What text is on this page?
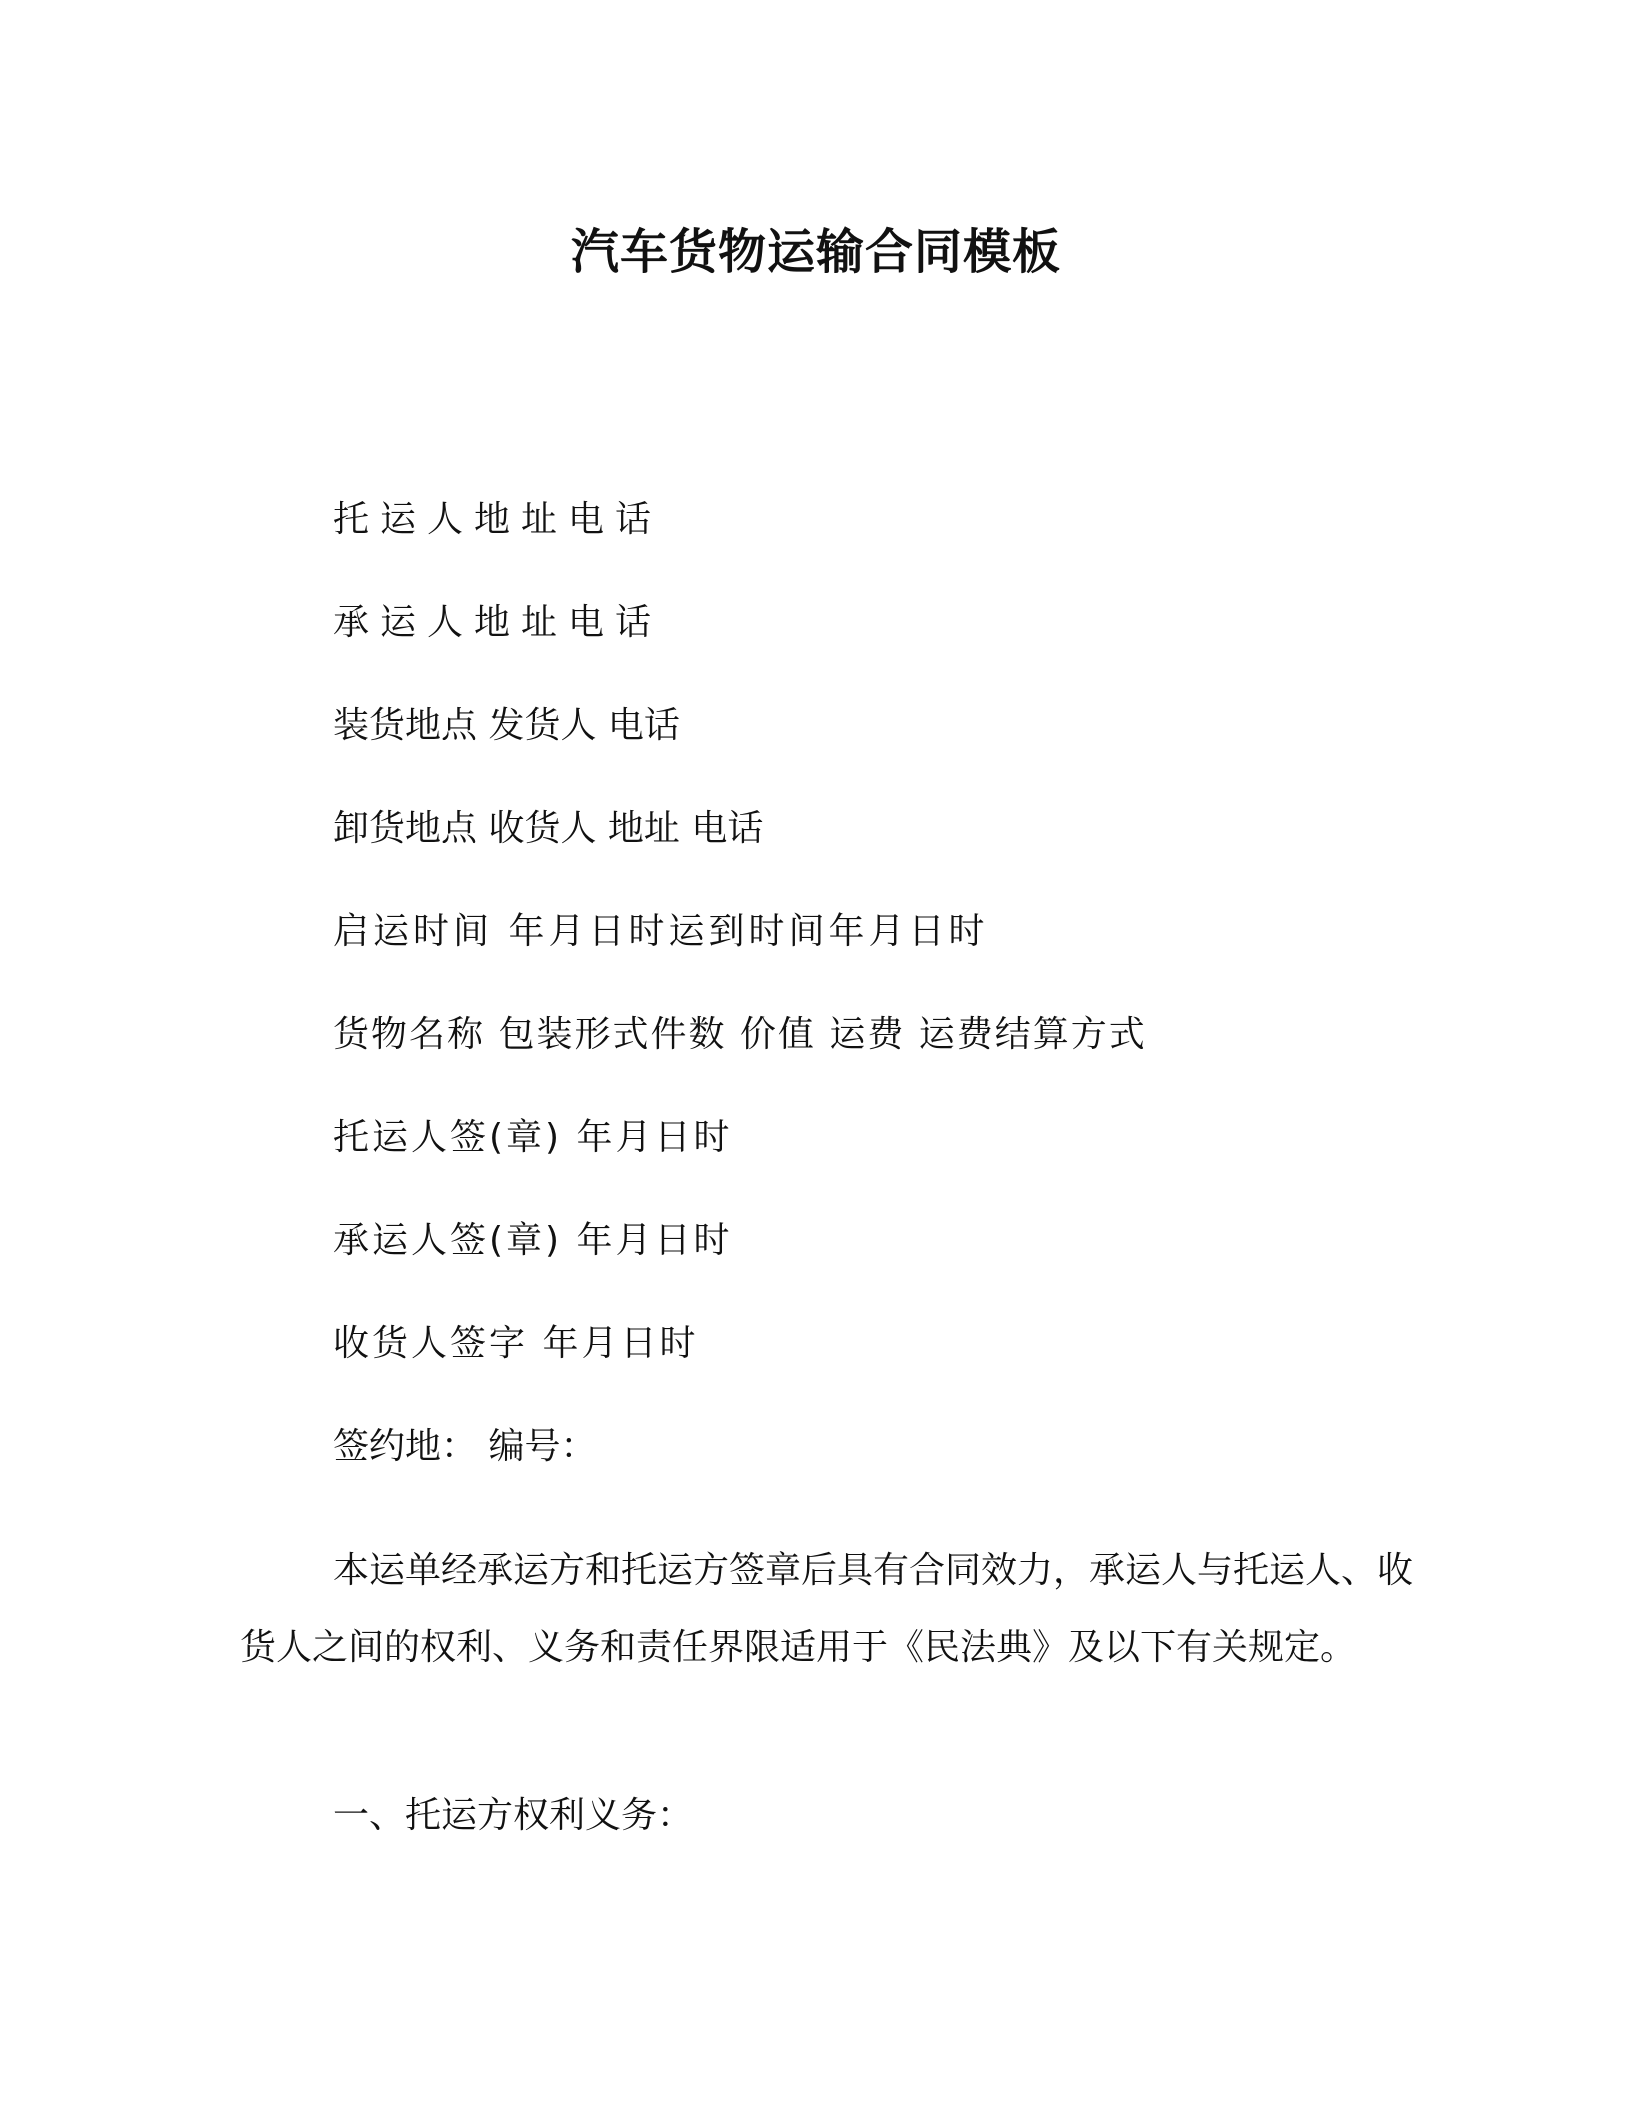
汽车货物运输合同模板
托运人地址电话
承运人地址电话
装货地点 发货人 电话
卸货地点 收货人 地址 电话
启运时间 年月日时运到时间年月日时
货物名称 包装形式件数 价值 运费 运费结算方式
托运人签(章) 年月日时
承运人签(章) 年月日时
收货人签字 年月日时
签约地： 编号：
本运单经承运方和托运方签章后具有合同效力，承运人与托运人、收货人之间的权利、义务和责任界限适用于《民法典》及以下有关规定。
一、托运方权利义务：
